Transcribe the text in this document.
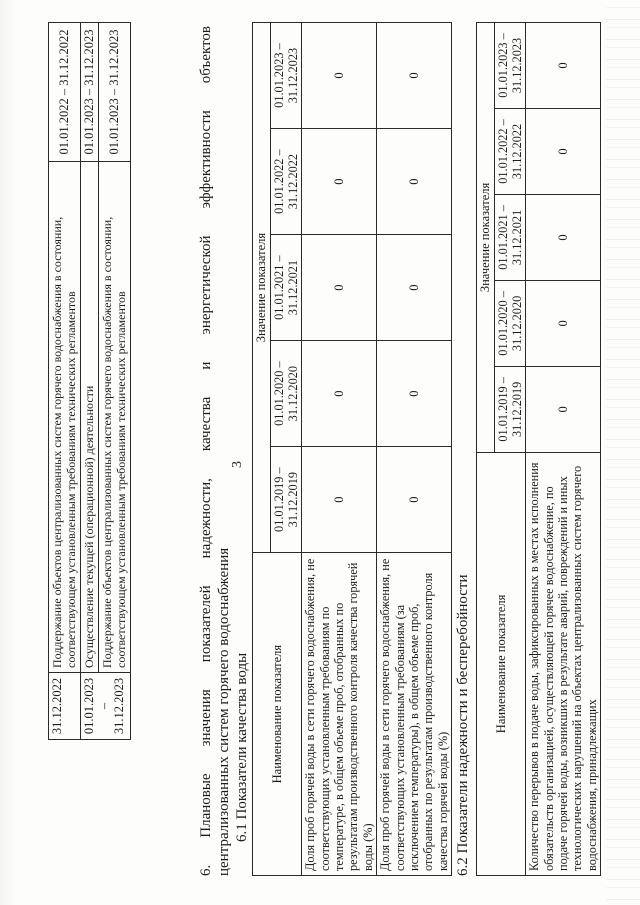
31.12.2022	Поддержание объектов централизованных систем горячего водоснабжения в состоянии, соответствующем установленным требованиям технических регламентов	01.01.2022 – 31.12.2022
01.01.2023 – 31.12.2023	Осуществление текущей (операционной) деятельности	01.01.2023 – 31.12.2023
	Поддержание объектов централизованных систем горячего водоснабжения в состоянии, соответствующем установленным требованиям технических регламентов	01.01.2023 – 31.12.2023
3
6. Плановые значения показателей надежности, качества и энергетической эффективности объектов централизованных систем горячего водоснабжения 6.1 Показатели качества воды Наименование показателя	Значение показателя				
	01.01.2019 – 31.12.2019	01.01.2020 – 31.12.2020	01.01.2021 – 31.12.2021	01.01.2022 – 31.12.2022	01.01.2023 – 31.12.2023
Доля проб горячей воды в сети горячего водоснабжения, не соответствующих установленным требованиям по температуре, в общем объеме проб, отобранных по результатам производственного контроля качества горячей воды (%)	0	0	0	0	0
Доля проб горячей воды в сети горячего водоснабжения, не соответствующих установленным требованиям (за исключением температуры), в общем объеме проб, отобранных по результатам производственного контроля качества горячей воды (%)	0	0	0	0	0
6.2 Показатели надежности и бесперебойности Наименование показателя	Значение показателя				
	01.01.2019 – 31.12.2019	01.01.2020 – 31.12.2020	01.01.2021 – 31.12.2021	01.01.2022 – 31.12.2022	01.01.2023 – 31.12.2023
Количество перерывов в подаче воды, зафиксированных в местах исполнения обязательств организацией, осуществляющей горячее водоснабжение, по подаче горячей воды, возникших в результате аварий, повреждений и иных технологических нарушений на объектах централизованных систем горячего водоснабжения, принадлежащих	0	0	0	0	0
